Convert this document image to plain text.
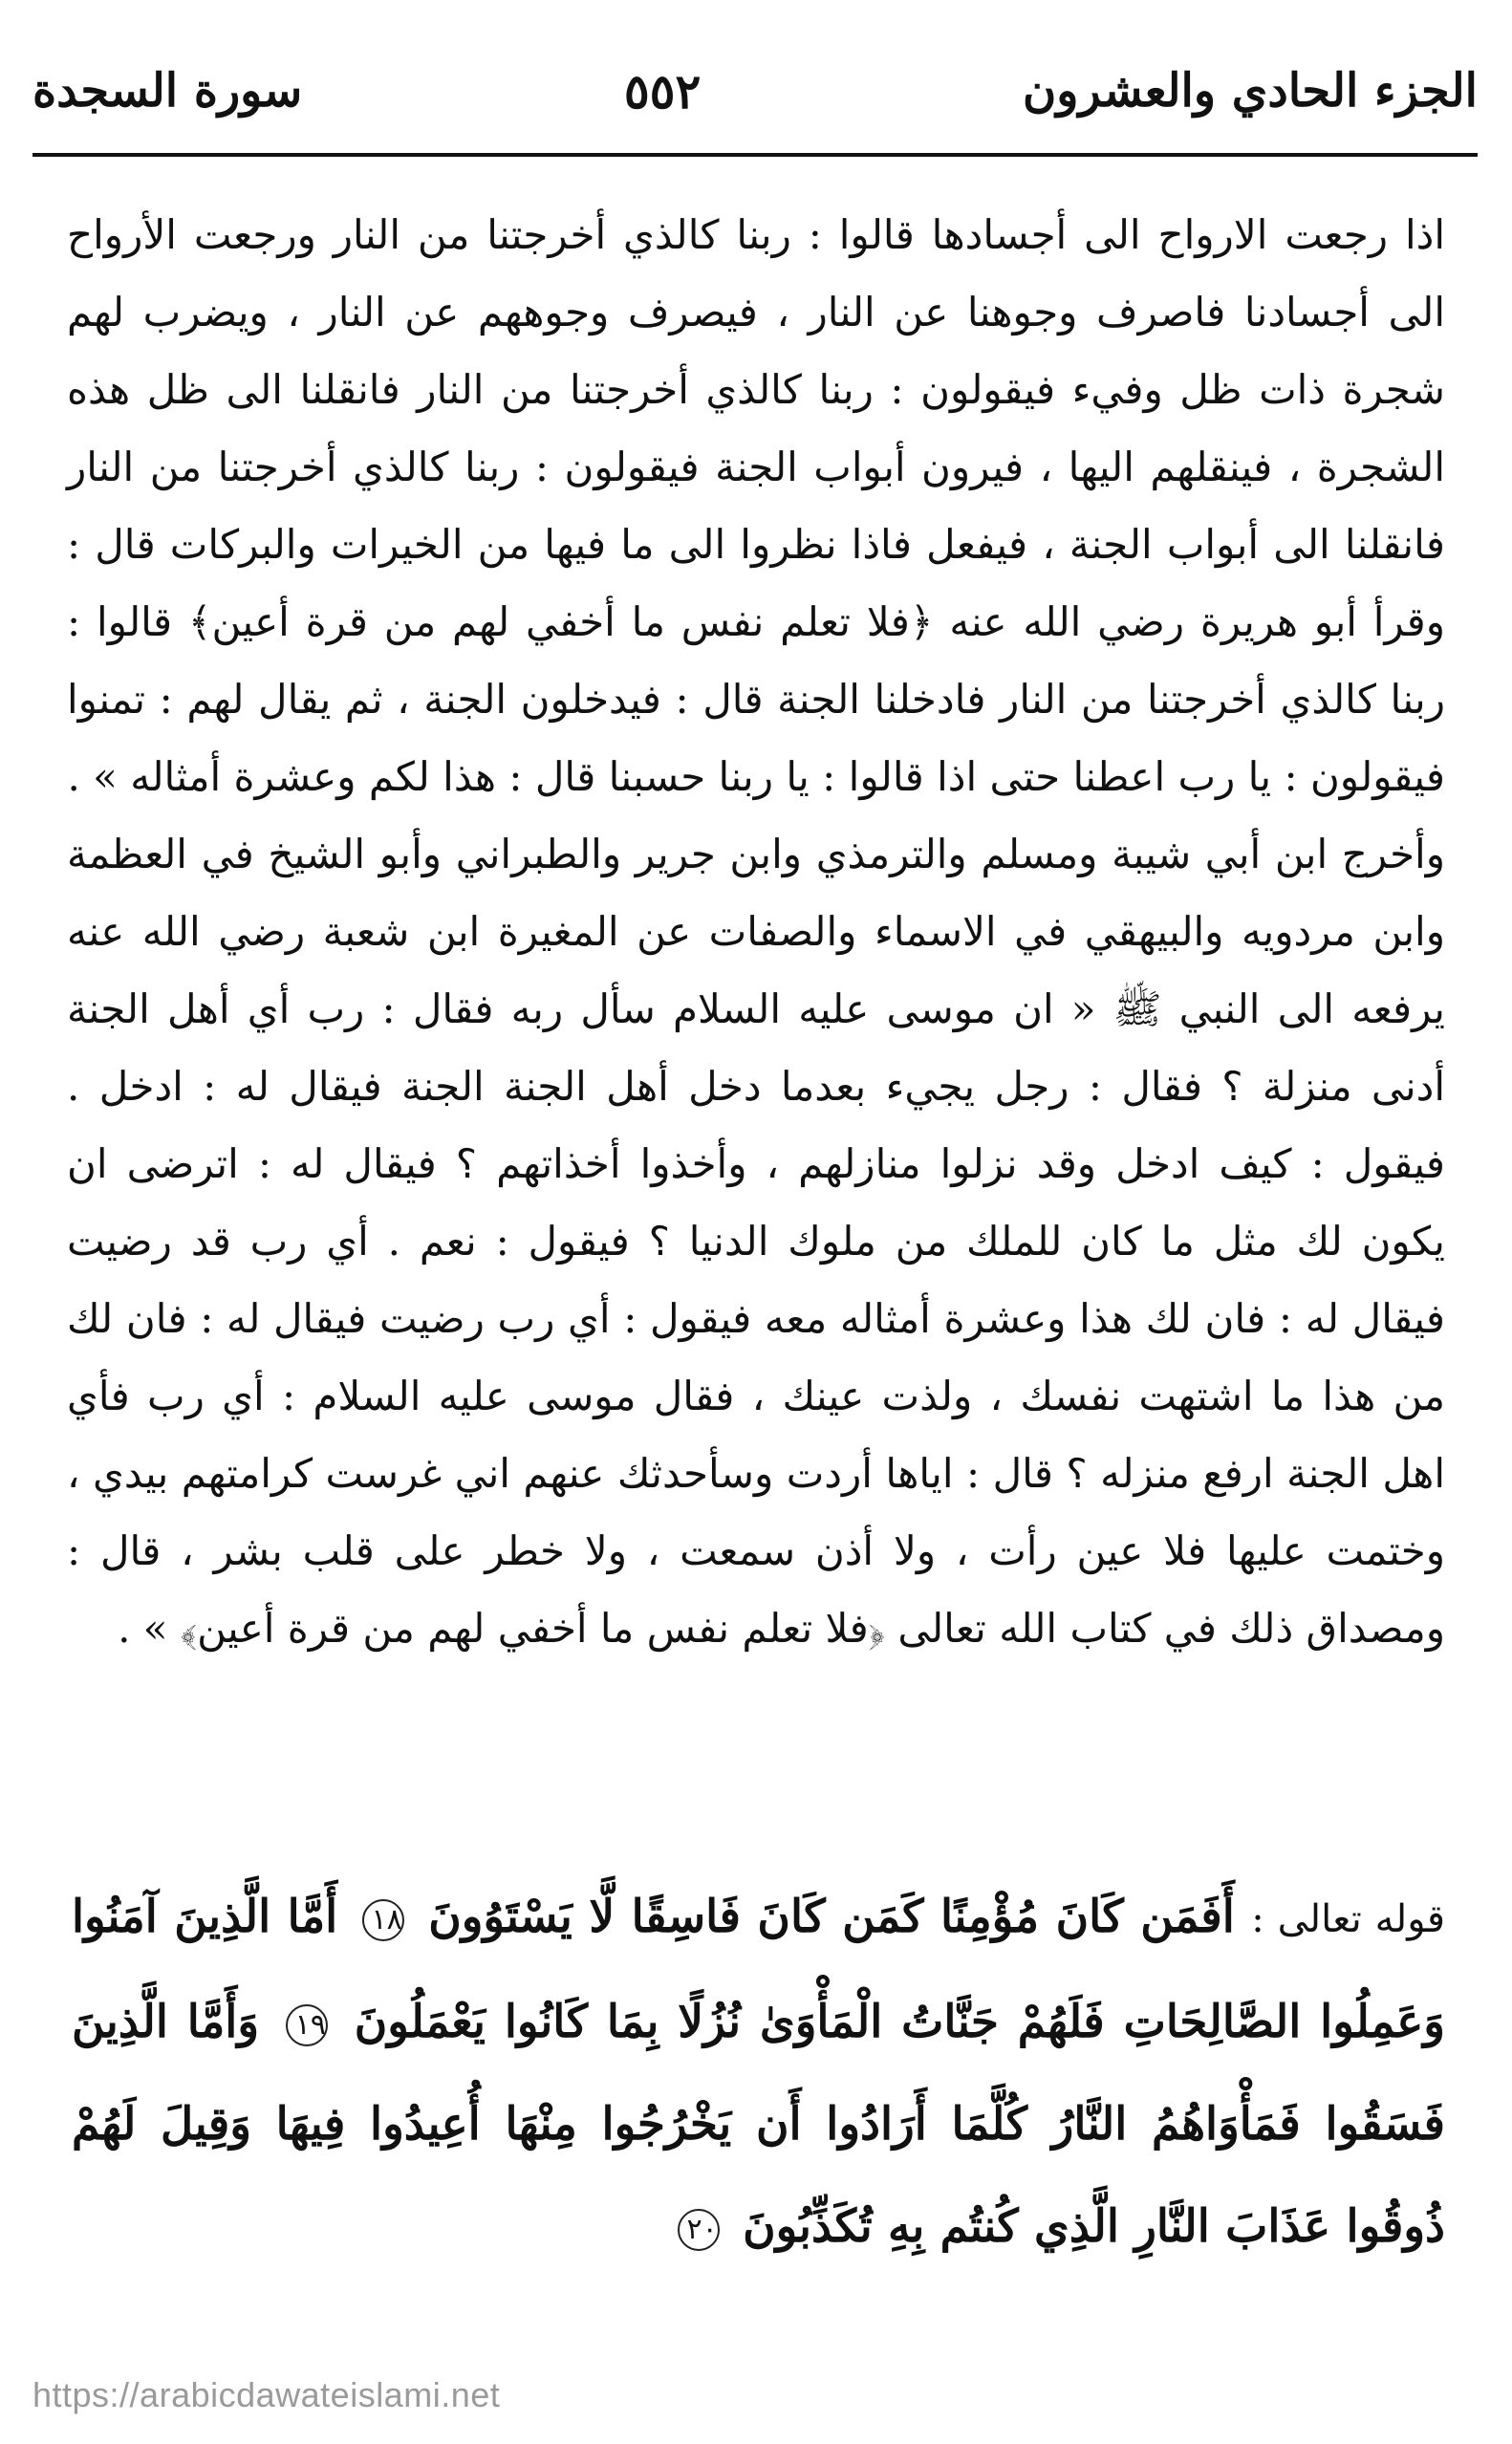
الجزء الحادي والعشرون
٥٥٢
سورة السجدة

اذا رجعت الارواح الى أجسادها قالوا : ربنا كالذي أخرجتنا من النار ورجعت الأرواح الى أجسادنا فاصرف وجوهنا عن النار ، فيصرف وجوههم عن النار ، ويضرب لهم شجرة ذات ظل وفيء فيقولون : ربنا كالذي أخرجتنا من النار فانقلنا الى ظل هذه الشجرة ، فينقلهم اليها ، فيرون أبواب الجنة فيقولون : ربنا كالذي أخرجتنا من النار فانقلنا الى أبواب الجنة ، فيفعل فاذا نظروا الى ما فيها من الخيرات والبركات قال : وقرأ أبو هريرة رضي الله عنه ﴿فلا تعلم نفس ما أخفي لهم من قرة أعين﴾ قالوا : ربنا كالذي أخرجتنا من النار فادخلنا الجنة قال : فيدخلون الجنة ، ثم يقال لهم : تمنوا فيقولون : يا رب اعطنا حتى اذا قالوا : يا ربنا حسبنا قال : هذا لكم وعشرة أمثاله » .

وأخرج ابن أبي شيبة ومسلم والترمذي وابن جرير والطبراني وأبو الشيخ في العظمة وابن مردويه والبيهقي في الاسماء والصفات عن المغيرة ابن شعبة رضي الله عنه يرفعه الى النبي ﷺ « ان موسى عليه السلام سأل ربه فقال : رب أي أهل الجنة أدنى منزلة ؟ فقال : رجل يجيء بعدما دخل أهل الجنة الجنة فيقال له : ادخل . فيقول : كيف ادخل وقد نزلوا منازلهم ، وأخذوا أخذاتهم ؟ فيقال له : اترضى ان يكون لك مثل ما كان للملك من ملوك الدنيا ؟ فيقول : نعم . أي رب قد رضيت فيقال له : فان لك هذا وعشرة أمثاله معه فيقول : أي رب رضيت فيقال له : فان لك من هذا ما اشتهت نفسك ، ولذت عينك ، فقال موسى عليه السلام : أي رب فأي اهل الجنة ارفع منزله ؟ قال : اياها أردت وسأحدثك عنهم اني غرست كرامتهم بيدي ، وختمت عليها فلا عين رأت ، ولا أذن سمعت ، ولا خطر على قلب بشر ، قال : ومصداق ذلك في كتاب الله تعالى ﴿فلا تعلم نفس ما أخفي لهم من قرة أعين﴾ » .

قوله تعالى : أَفَمَن كَانَ مُؤْمِنًا كَمَن كَانَ فَاسِقًا لَّا يَسْتَوُونَ ١٨ أَمَّا الَّذِينَ آمَنُوا وَعَمِلُوا الصَّالِحَاتِ فَلَهُمْ جَنَّاتُ الْمَأْوَىٰ نُزُلًا بِمَا كَانُوا يَعْمَلُونَ ١٩ وَأَمَّا الَّذِينَ فَسَقُوا فَمَأْوَاهُمُ النَّارُ كُلَّمَا أَرَادُوا أَن يَخْرُجُوا مِنْهَا أُعِيدُوا فِيهَا وَقِيلَ لَهُمْ ذُوقُوا عَذَابَ النَّارِ الَّذِي كُنتُم بِهِ تُكَذِّبُونَ ٢٠
https://arabicdawateislami.net
